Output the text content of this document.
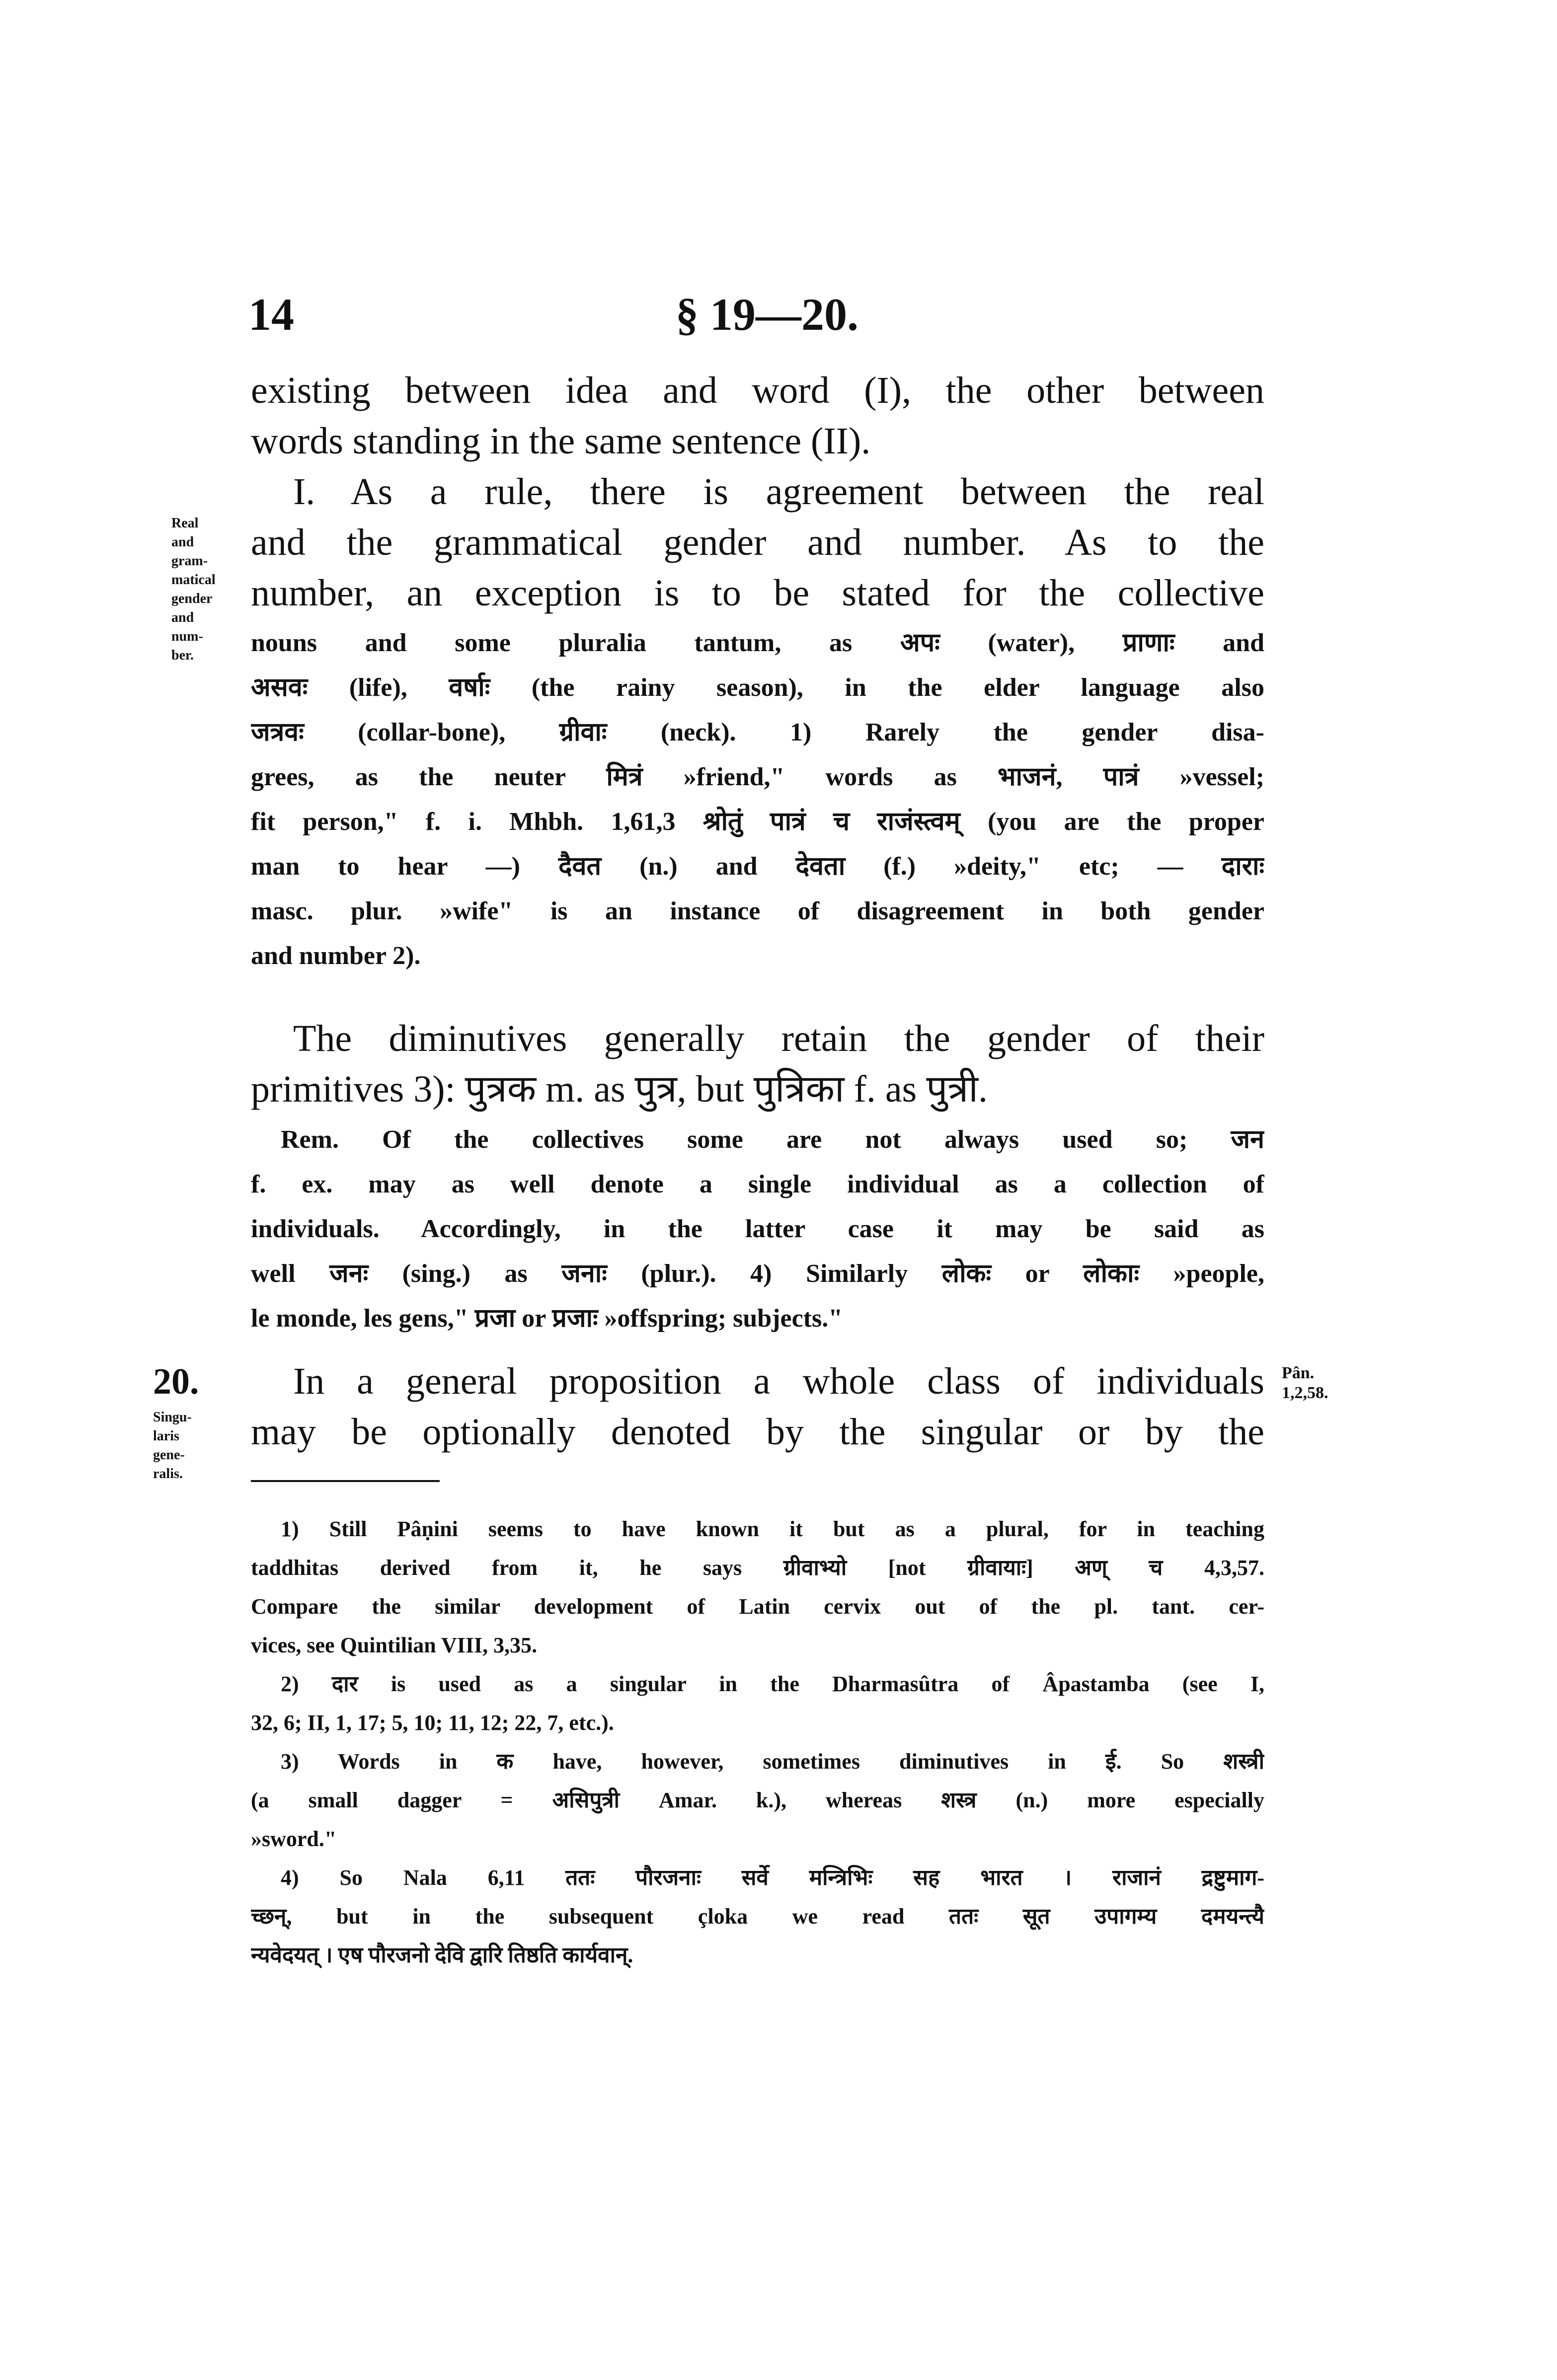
14	§ 19—20.
Real
and
gram-
matical
gender
and
num-
ber.
existing between idea and word (I), the other between
words standing in the same sentence (II).
I. As a rule, there is agreement between the real
and the grammatical gender and number. As to the
number, an exception is to be stated for the collective
nouns and some pluralia tantum, as अपः (water), प्राणाः and
असवः (life), वर्षाः (the rainy season), in the elder language also
जत्रवः (collar-bone), ग्रीवाः (neck). 1) Rarely the gender disa-
grees, as the neuter मित्रं »friend," words as भाजनं, पात्रं »vessel;
fit person," f. i. Mhbh. 1,61,3 श्रोतुं पात्रं च राजंस्त्वम् (you are the proper
man to hear —) दैवत (n.) and देवता (f.) »deity," etc; — दाराः
masc. plur. »wife" is an instance of disagreement in both gender
and number 2).
The diminutives generally retain the gender of their
primitives 3): पुत्रक m. as पुत्र, but पुत्रिका f. as पुत्री.
Rem. Of the collectives some are not always used so; जन
f. ex. may as well denote a single individual as a collection of
individuals. Accordingly, in the latter case it may be said as
well जनः (sing.) as जनाः (plur.). 4) Similarly लोकः or लोकाः »people,
le monde, les gens," प्रजा or प्रजाः »offspring; subjects."
20.
Singu-
laris
gene-
ralis.
Pân.
1,2,58.
In a general proposition a whole class of individuals
may be optionally denoted by the singular or by the
1) Still Pâṇini seems to have known it but as a plural, for in teaching
taddhitas derived from it, he says ग्रीवाभ्यो [not ग्रीवायाः] अण् च 4,3,57.
Compare the similar development of Latin cervix out of the pl. tant. cer-
vices, see Quintilian VIII, 3,35.
2) दार is used as a singular in the Dharmasûtra of Âpastamba (see I,
32, 6; II, 1, 17; 5, 10; 11, 12; 22, 7, etc.).
3) Words in क have, however, sometimes diminutives in ई. So शस्त्री
(a small dagger = असिपुत्री Amar. k.), whereas शस्त्र (n.) more especially
»sword."
4) So Nala 6,11 ततः पौरजनाः सर्वे मन्त्रिभिः सह भारत । राजानं द्रष्टुमाग-
च्छन्, but in the subsequent çloka we read ततः सूत उपागम्य दमयन्त्यै
न्यवेदयत् । एष पौरजनो देवि द्वारि तिष्ठति कार्यवान्.
